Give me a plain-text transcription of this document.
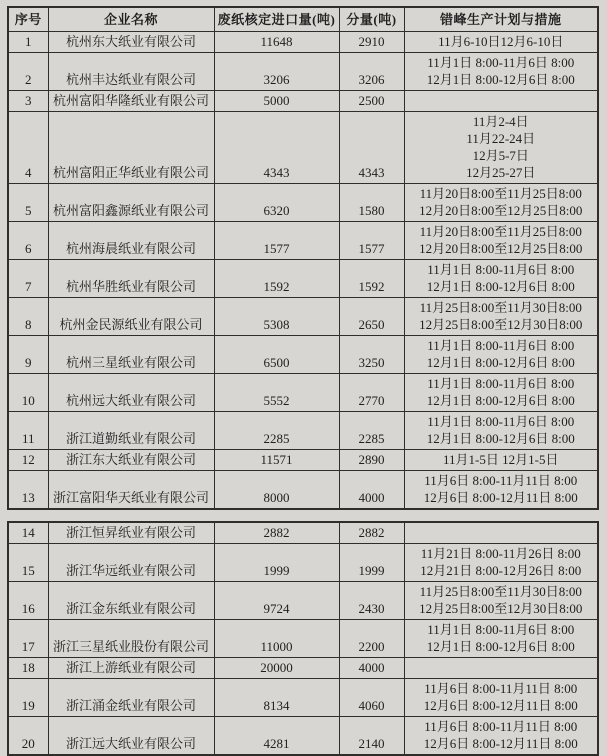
序号	企业名称	废纸核定进口量(吨)	分量(吨)	错峰生产计划与措施
1	杭州东大纸业有限公司	11648	2910	11月6-10日12月6-10日

2	杭州丰达纸业有限公司	3206	3206	11月1日 8:00-11月6日 8:00
12月1日 8:00-12月6日 8:00

3	杭州富阳华隆纸业有限公司	5000	2500	
4	杭州富阳正华纸业有限公司	4343	4343	11月2-4日
11月22-24日
12月5-7日
12月25-27日

5	杭州富阳鑫源纸业有限公司	6320	1580	11月20日8:00至11月25日8:00
12月20日8:00至12月25日8:00

6	杭州海晨纸业有限公司	1577	1577	11月20日8:00至11月25日8:00
12月20日8:00至12月25日8:00

7	杭州华胜纸业有限公司	1592	1592	11月1日 8:00-11月6日 8:00
12月1日 8:00-12月6日 8:00

8	杭州金民源纸业有限公司	5308	2650	11月25日8:00至11月30日8:00
12月25日8:00至12月30日8:00

9	杭州三星纸业有限公司	6500	3250	11月1日 8:00-11月6日 8:00
12月1日 8:00-12月6日 8:00

10	杭州远大纸业有限公司	5552	2770	11月1日 8:00-11月6日 8:00
12月1日 8:00-12月6日 8:00

11	浙江道勤纸业有限公司	2285	2285	11月1日 8:00-11月6日 8:00
12月1日 8:00-12月6日 8:00

12	浙江东大纸业有限公司	11571	2890	11月1-5日 12月1-5日

13	浙江富阳华天纸业有限公司	8000	4000	11月6日 8:00-11月11日 8:00
12月6日 8:00-12月11日 8:00
14	浙江恒昇纸业有限公司	2882	2882	
15	浙江华远纸业有限公司	1999	1999	11月21日 8:00-11月26日 8:00
12月21日 8:00-12月26日 8:00

16	浙江金东纸业有限公司	9724	2430	11月25日8:00至11月30日8:00
12月25日8:00至12月30日8:00

17	浙江三星纸业股份有限公司	11000	2200	11月1日 8:00-11月6日 8:00
12月1日 8:00-12月6日 8:00

18	浙江上游纸业有限公司	20000	4000	
19	浙江涌金纸业有限公司	8134	4060	11月6日 8:00-11月11日 8:00
12月6日 8:00-12月11日 8:00

20	浙江远大纸业有限公司	4281	2140	11月6日 8:00-11月11日 8:00
12月6日 8:00-12月11日 8:00
